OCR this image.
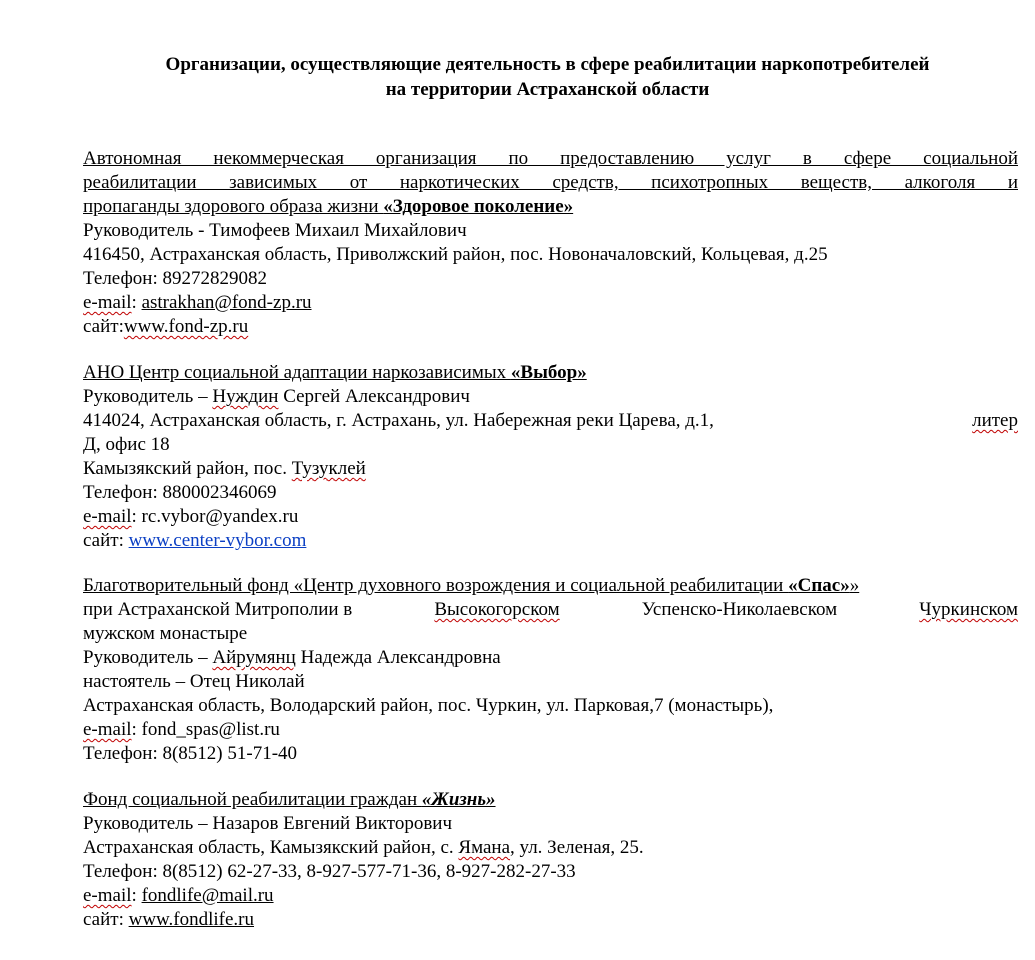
Организации, осуществляющие деятельность в сфере реабилитации наркопотребителей
на территории Астраханской области
Автономная некоммерческая организация по предоставлению услуг в сфере социальной
реабилитации зависимых от наркотических средств, психотропных веществ, алкоголя и
пропаганды здорового образа жизни «Здоровое поколение»
Руководитель - Тимофеев Михаил Михайлович
416450, Астраханская область, Приволжский район, пос. Новоначаловский, Кольцевая, д.25
Телефон: 89272829082
e-mail: astrakhan@fond-zp.ru
сайт:www.fond-zp.ru
АНО Центр социальной адаптации наркозависимых «Выбор»
Руководитель – Нуждин Сергей Александрович
414024, Астраханская область, г. Астрахань, ул. Набережная реки Царева, д.1,	литер
Д, офис 18
Камызякский район, пос. Тузуклей
Телефон: 880002346069
e-mail: rc.vybor@yandex.ru
сайт: www.center-vybor.com
Благотворительный фонд «Центр духовного возрождения и социальной реабилитации «Спас»»
при Астраханской Митрополии в	Высокогорском	Успенско-Николаевском	Чуркинском
мужском монастыре
Руководитель – Айрумянц Надежда Александровна
настоятель – Отец Николай
Астраханская область, Володарский район, пос. Чуркин, ул. Парковая,7 (монастырь),
e-mail: fond_spas@list.ru
Телефон: 8(8512) 51-71-40
Фонд социальной реабилитации граждан «Жизнь»
Руководитель – Назаров Евгений Викторович
Астраханская область, Камызякский район, с. Ямана, ул. Зеленая, 25.
Телефон: 8(8512) 62-27-33, 8-927-577-71-36, 8-927-282-27-33
e-mail: fondlife@mail.ru
сайт: www.fondlife.ru
